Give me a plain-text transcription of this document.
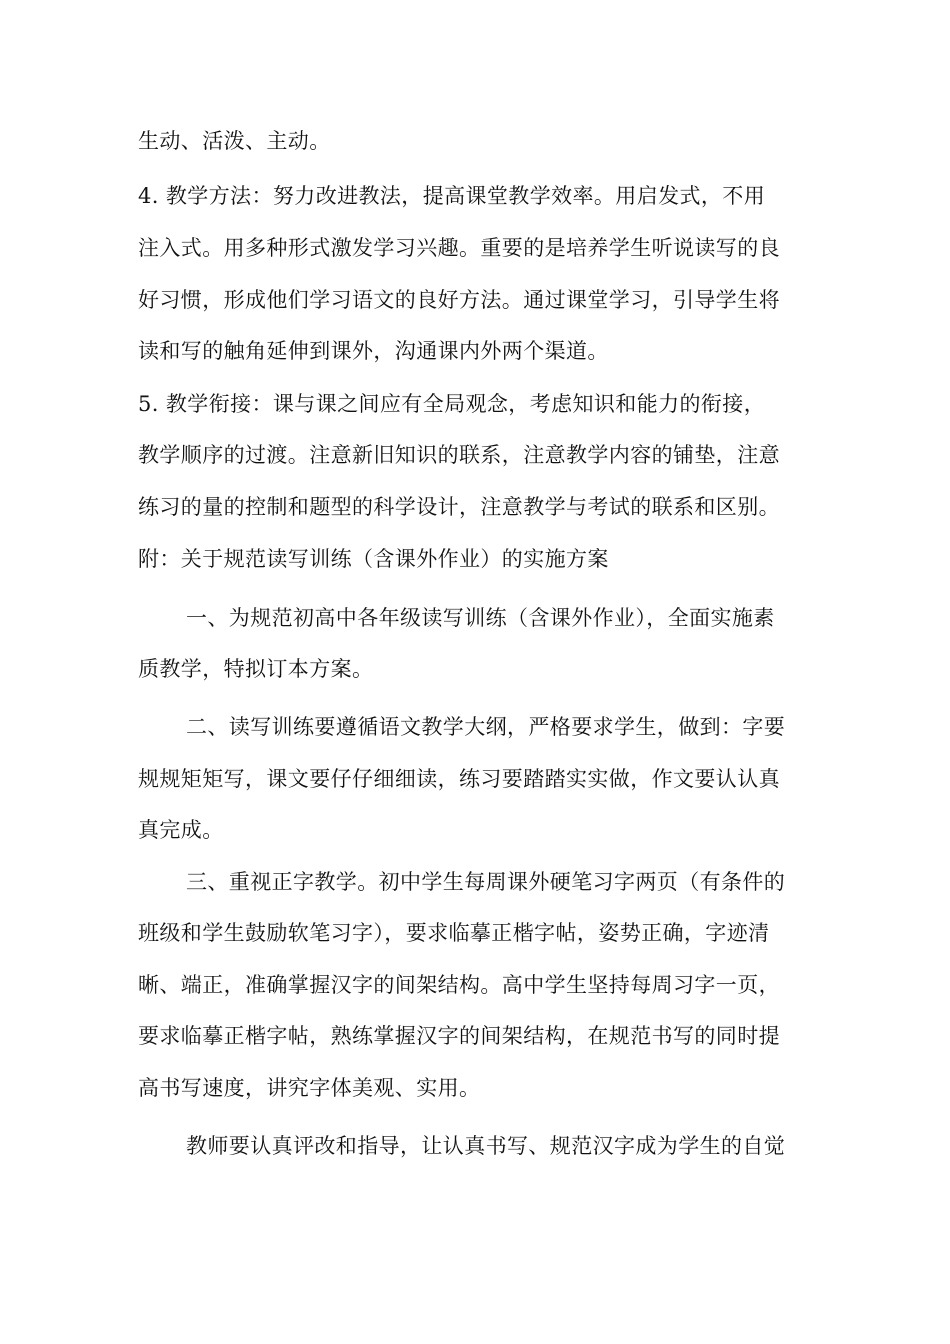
生动、活泼、主动。
4. 教学方法：努力改进教法，提高课堂教学效率。用启发式，不用
注入式。用多种形式激发学习兴趣。重要的是培养学生听说读写的良
好习惯，形成他们学习语文的良好方法。通过课堂学习，引导学生将
读和写的触角延伸到课外，沟通课内外两个渠道。
5. 教学衔接：课与课之间应有全局观念，考虑知识和能力的衔接，
教学顺序的过渡。注意新旧知识的联系，注意教学内容的铺垫，注意
练习的量的控制和题型的科学设计，注意教学与考试的联系和区别。
附：关于规范读写训练（含课外作业）的实施方案
一、为规范初高中各年级读写训练（含课外作业），全面实施素
质教学，特拟订本方案。
二、读写训练要遵循语文教学大纲，严格要求学生，做到：字要
规规矩矩写，课文要仔仔细细读，练习要踏踏实实做，作文要认认真
真完成。
三、重视正字教学。初中学生每周课外硬笔习字两页（有条件的
班级和学生鼓励软笔习字），要求临摹正楷字帖，姿势正确，字迹清
晰、端正，准确掌握汉字的间架结构。高中学生坚持每周习字一页，
要求临摹正楷字帖，熟练掌握汉字的间架结构，在规范书写的同时提
高书写速度，讲究字体美观、实用。
教师要认真评改和指导，让认真书写、规范汉字成为学生的自觉
